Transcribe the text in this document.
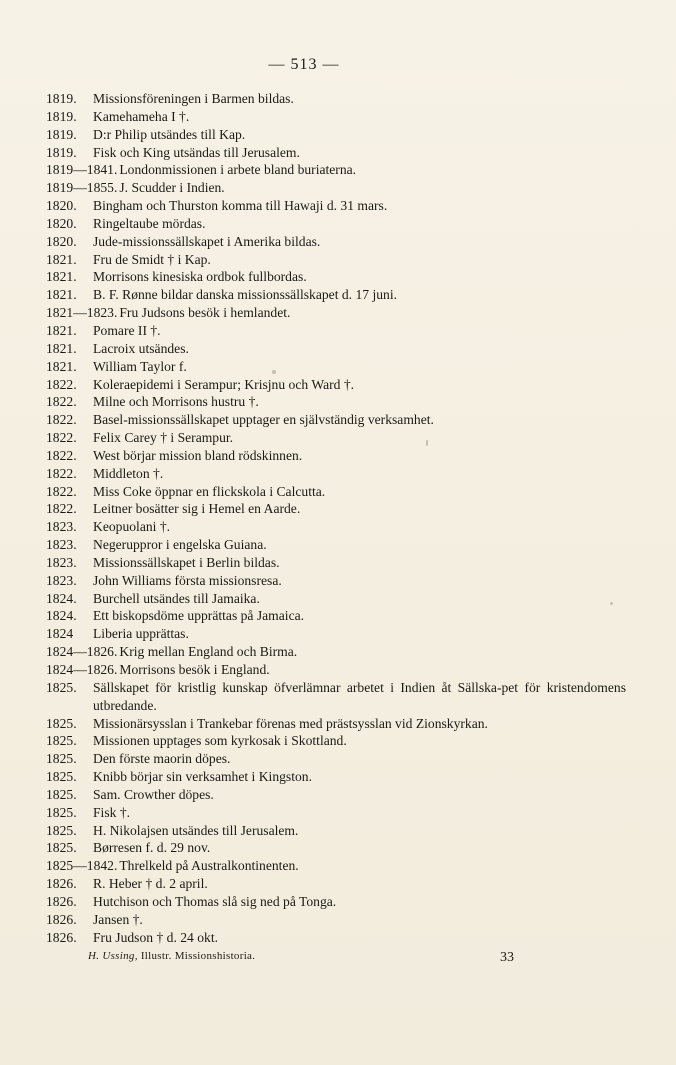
— 513 —
1819.	Missionsföreningen i Barmen bildas.
1819.	Kamehameha I †.
1819.	D:r Philip utsändes till Kap.
1819.	Fisk och King utsändas till Jerusalem.
1819—1841. Londonmissionen i arbete bland buriaterna.
1819—1855. J. Scudder i Indien.
1820.	Bingham och Thurston komma till Hawaji d. 31 mars.
1820.	Ringeltaube mördas.
1820.	Jude-missionssällskapet i Amerika bildas.
1821.	Fru de Smidt † i Kap.
1821.	Morrisons kinesiska ordbok fullbordas.
1821.	B. F. Rønne bildar danska missionssällskapet d. 17 juni.
1821—1823. Fru Judsons besök i hemlandet.
1821.	Pomare II †.
1821.	Lacroix utsändes.
1821.	William Taylor f.
1822.	Koleraepidemi i Serampur; Krisjnu och Ward †.
1822.	Milne och Morrisons hustru †.
1822.	Basel-missionssällskapet upptager en självständig verksamhet.
1822.	Felix Carey † i Serampur.
1822.	West börjar mission bland rödskinnen.
1822.	Middleton †.
1822.	Miss Coke öppnar en flickskola i Calcutta.
1822.	Leitner bosätter sig i Hemel en Aarde.
1823.	Keopuolani †.
1823.	Negeruppror i engelska Guiana.
1823.	Missionssällskapet i Berlin bildas.
1823.	John Williams första missionsresa.
1824.	Burchell utsändes till Jamaika.
1824.	Ett biskopsdöme upprättas på Jamaica.
1824	Liberia upprättas.
1824—1826. Krig mellan England och Birma.
1824—1826. Morrisons besök i England.
1825.	Sällskapet för kristlig kunskap öfverlämnar arbetet i Indien åt Sällska-pet för kristendomens utbredande.
1825.	Missionärsysslan i Trankebar förenas med prästsysslan vid Zionskyrkan.
1825.	Missionen upptages som kyrkosak i Skottland.
1825.	Den förste maorin döpes.
1825.	Knibb börjar sin verksamhet i Kingston.
1825.	Sam. Crowther döpes.
1825.	Fisk †.
1825.	H. Nikolajsen utsändes till Jerusalem.
1825.	Børresen f. d. 29 nov.
1825—1842. Threlkeld på Australkontinenten.
1826.	R. Heber † d. 2 april.
1826.	Hutchison och Thomas slå sig ned på Tonga.
1826.	Jansen †.
1826.	Fru Judson † d. 24 okt.
H. Ussing, Illustr. Missionshistoria.	33
